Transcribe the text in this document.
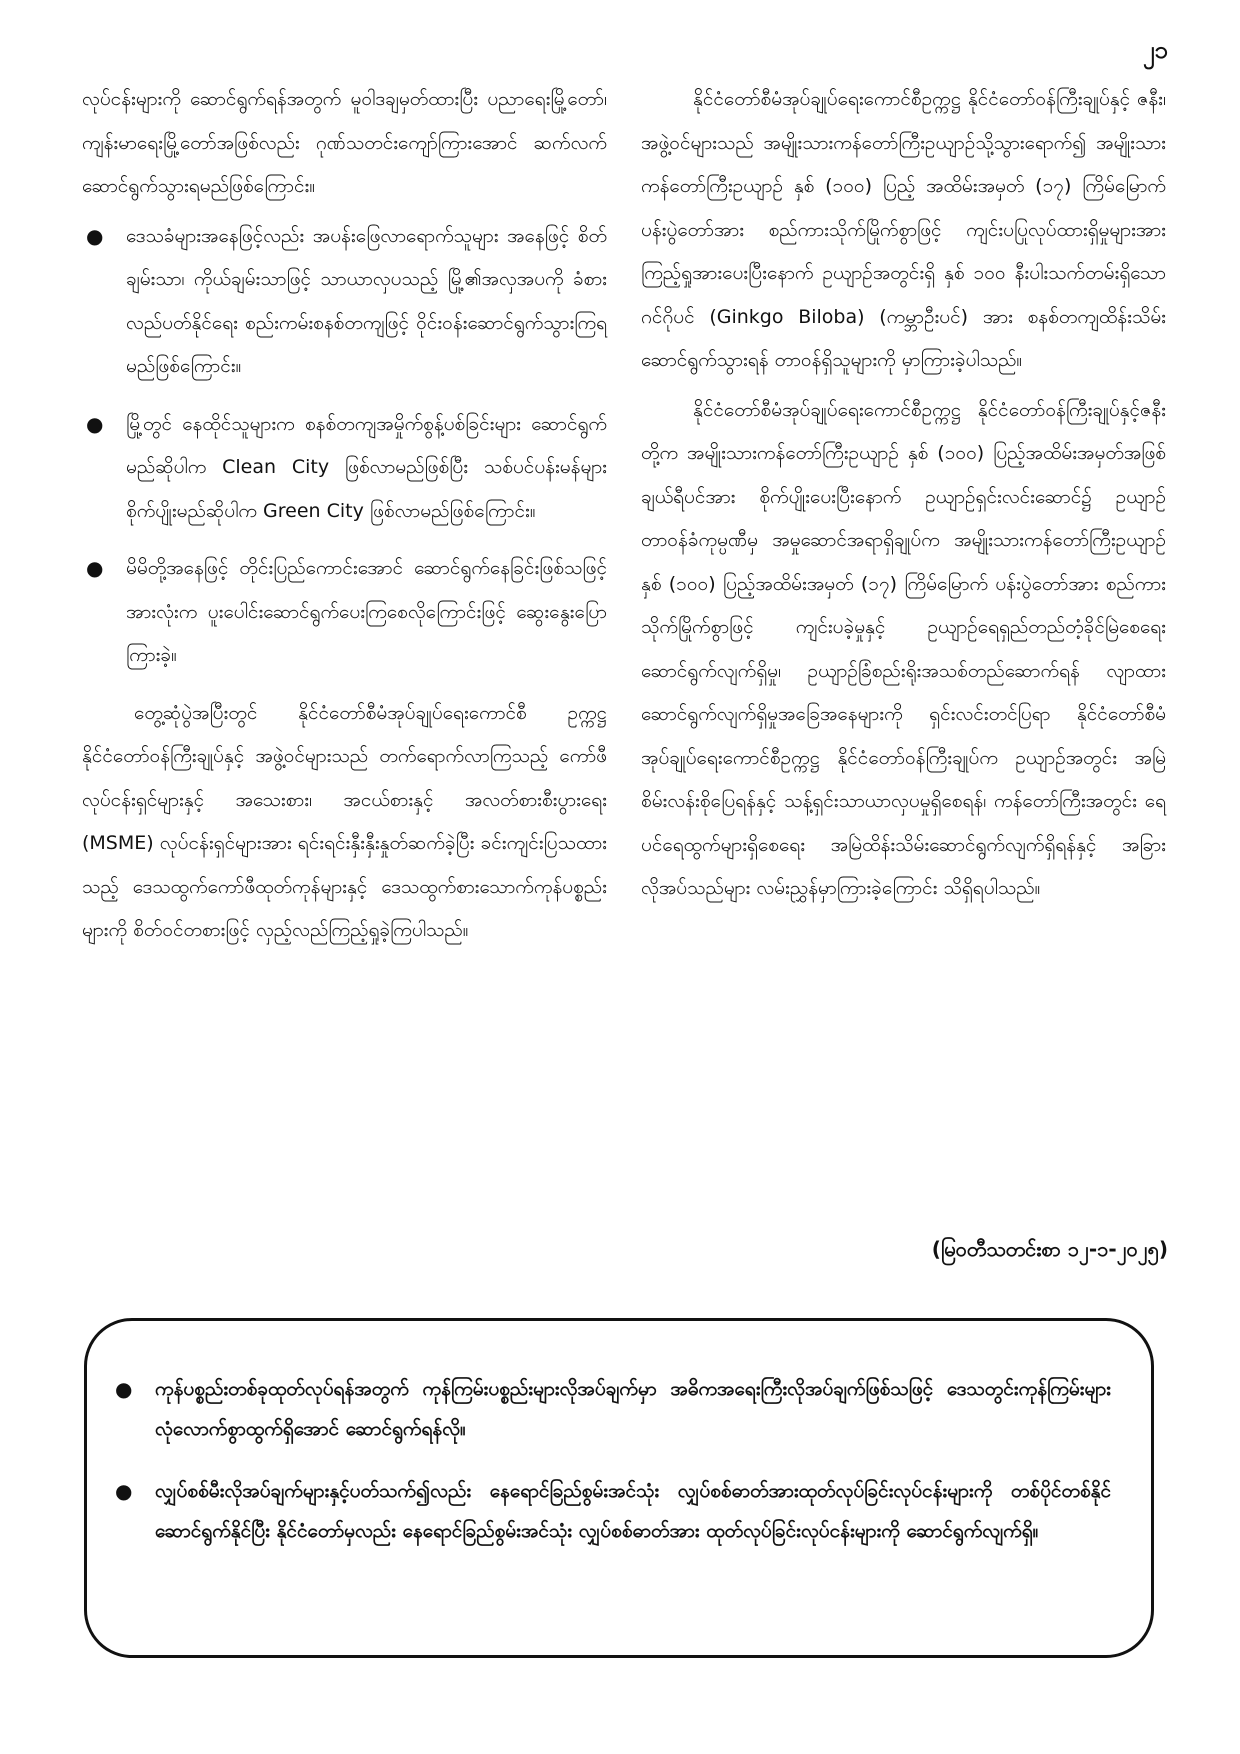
၂၁

လုပ်ငန်းများကို ဆောင်ရွက်ရန်အတွက် မူဝါဒချမှတ်ထားပြီး ပညာရေးမြို့တော်၊ ကျန်းမာရေးမြို့တော်အဖြစ်လည်း ဂုဏ်သတင်းကျော်ကြားအောင် ဆက်လက်ဆောင်ရွက်သွားရမည်ဖြစ်ကြောင်း။

● ဒေသခံများအနေဖြင့်လည်း အပန်းဖြေလာရောက်သူများ အနေဖြင့် စိတ်ချမ်းသာ၊ ကိုယ်ချမ်းသာဖြင့် သာယာလှပသည့် မြို့၏အလှအပကို ခံစားလည်ပတ်နိုင်ရေး စည်းကမ်းစနစ်တကျဖြင့် ဝိုင်းဝန်းဆောင်ရွက်သွားကြရမည်ဖြစ်ကြောင်း။
● မြို့တွင် နေထိုင်သူများက စနစ်တကျအမှိုက်စွန့်ပစ်ခြင်းများ ဆောင်ရွက်မည်ဆိုပါက Clean City ဖြစ်လာမည်ဖြစ်ပြီး သစ်ပင်ပန်းမန်များစိုက်ပျိုးမည်ဆိုပါက Green City ဖြစ်လာမည်ဖြစ်ကြောင်း။
● မိမိတို့အနေဖြင့် တိုင်းပြည်ကောင်းအောင် ဆောင်ရွက်နေခြင်းဖြစ်သဖြင့် အားလုံးက ပူးပေါင်းဆောင်ရွက်ပေးကြစေလိုကြောင်းဖြင့် ဆွေးနွေးပြောကြားခဲ့။

တွေ့ဆုံပွဲအပြီးတွင် နိုင်ငံတော်စီမံအုပ်ချုပ်ရေးကောင်စီ ဥက္ကဋ္ဌ နိုင်ငံတော်ဝန်ကြီးချုပ်နှင့် အဖွဲ့ဝင်များသည် တက်ရောက်လာကြသည့် ကော်ဖီလုပ်ငန်းရှင်များနှင့် အသေးစား၊ အငယ်စားနှင့် အလတ်စားစီးပွားရေး (MSME) လုပ်ငန်းရှင်များအား ရင်းရင်းနှီးနှီးနှုတ်ဆက်ခဲ့ပြီး ခင်းကျင်းပြသထားသည့် ဒေသထွက်ကော်ဖီထုတ်ကုန်များနှင့် ဒေသထွက်စားသောက်ကုန်ပစ္စည်းများကို စိတ်ဝင်တစားဖြင့် လှည့်လည်ကြည့်ရှုခဲ့ကြပါသည်။

နိုင်ငံတော်စီမံအုပ်ချုပ်ရေးကောင်စီဥက္ကဋ္ဌ နိုင်ငံတော်ဝန်ကြီးချုပ်နှင့် ဇနီး၊ အဖွဲ့ဝင်များသည် အမျိုးသားကန်တော်ကြီးဥယျာဉ်သို့သွားရောက်၍ အမျိုးသားကန်တော်ကြီးဥယျာဉ် နှစ် (၁၀၀) ပြည့် အထိမ်းအမှတ် (၁၇) ကြိမ်မြောက် ပန်းပွဲတော်အား စည်ကားသိုက်မြိုက်စွာဖြင့် ကျင်းပပြုလုပ်ထားရှိမှုများအား ကြည့်ရှုအားပေးပြီးနောက် ဥယျာဉ်အတွင်းရှိ နှစ် ၁၀၀ နီးပါးသက်တမ်းရှိသော ဂင်ဂိုပင် (Ginkgo Biloba) (ကမ္ဘာဦးပင်) အား စနစ်တကျထိန်းသိမ်းဆောင်ရွက်သွားရန် တာဝန်ရှိသူများကို မှာကြားခဲ့ပါသည်။

နိုင်ငံတော်စီမံအုပ်ချုပ်ရေးကောင်စီဥက္ကဋ္ဌ နိုင်ငံတော်ဝန်ကြီးချုပ်နှင့်ဇနီးတို့က အမျိုးသားကန်တော်ကြီးဥယျာဉ် နှစ် (၁၀၀) ပြည့်အထိမ်းအမှတ်အဖြစ် ချယ်ရီပင်အား စိုက်ပျိုးပေးပြီးနောက် ဥယျာဉ်ရှင်းလင်းဆောင်၌ ဥယျာဉ်တာဝန်ခံကုမ္ပဏီမှ အမှုဆောင်အရာရှိချုပ်က အမျိုးသားကန်တော်ကြီးဥယျာဉ် နှစ် (၁၀၀) ပြည့်အထိမ်းအမှတ် (၁၇) ကြိမ်မြောက် ပန်းပွဲတော်အား စည်ကားသိုက်မြိုက်စွာဖြင့် ကျင်းပခဲ့မှုနှင့် ဥယျာဉ်ရေရှည်တည်တံ့ခိုင်မြဲစေရေး ဆောင်ရွက်လျက်ရှိမှု၊ ဥယျာဉ်ခြံစည်းရိုးအသစ်တည်ဆောက်ရန် လျာထားဆောင်ရွက်လျက်ရှိမှုအခြေအနေများကို ရှင်းလင်းတင်ပြရာ နိုင်ငံတော်စီမံအုပ်ချုပ်ရေးကောင်စီဥက္ကဋ္ဌ နိုင်ငံတော်ဝန်ကြီးချုပ်က ဥယျာဉ်အတွင်း အမြဲစိမ်းလန်းစိုပြေရန်နှင့် သန့်ရှင်းသာယာလှပမှုရှိစေရန်၊ ကန်တော်ကြီးအတွင်း ရေပင်ရေထွက်များရှိစေရေး အမြဲထိန်းသိမ်းဆောင်ရွက်လျက်ရှိရန်နှင့် အခြားလိုအပ်သည်များ လမ်းညွှန်မှာကြားခဲ့ကြောင်း သိရှိရပါသည်။

(မြဝတီသတင်းစာ ၁၂-၁-၂၀၂၅)
● ကုန်ပစ္စည်းတစ်ခုထုတ်လုပ်ရန်အတွက် ကုန်ကြမ်းပစ္စည်းများလိုအပ်ချက်မှာ အဓိကအရေးကြီးလိုအပ်ချက်ဖြစ်သဖြင့် ဒေသတွင်းကုန်ကြမ်းများ လုံလောက်စွာထွက်ရှိအောင် ဆောင်ရွက်ရန်လို။
● လျှပ်စစ်မီးလိုအပ်ချက်များနှင့်ပတ်သက်၍လည်း နေရောင်ခြည်စွမ်းအင်သုံး လျှပ်စစ်ဓာတ်အားထုတ်လုပ်ခြင်းလုပ်ငန်းများကို တစ်ပိုင်တစ်နိုင်ဆောင်ရွက်နိုင်ပြီး နိုင်ငံတော်မှလည်း နေရောင်ခြည်စွမ်းအင်သုံး လျှပ်စစ်ဓာတ်အား ထုတ်လုပ်ခြင်းလုပ်ငန်းများကို ဆောင်ရွက်လျက်ရှိ။
